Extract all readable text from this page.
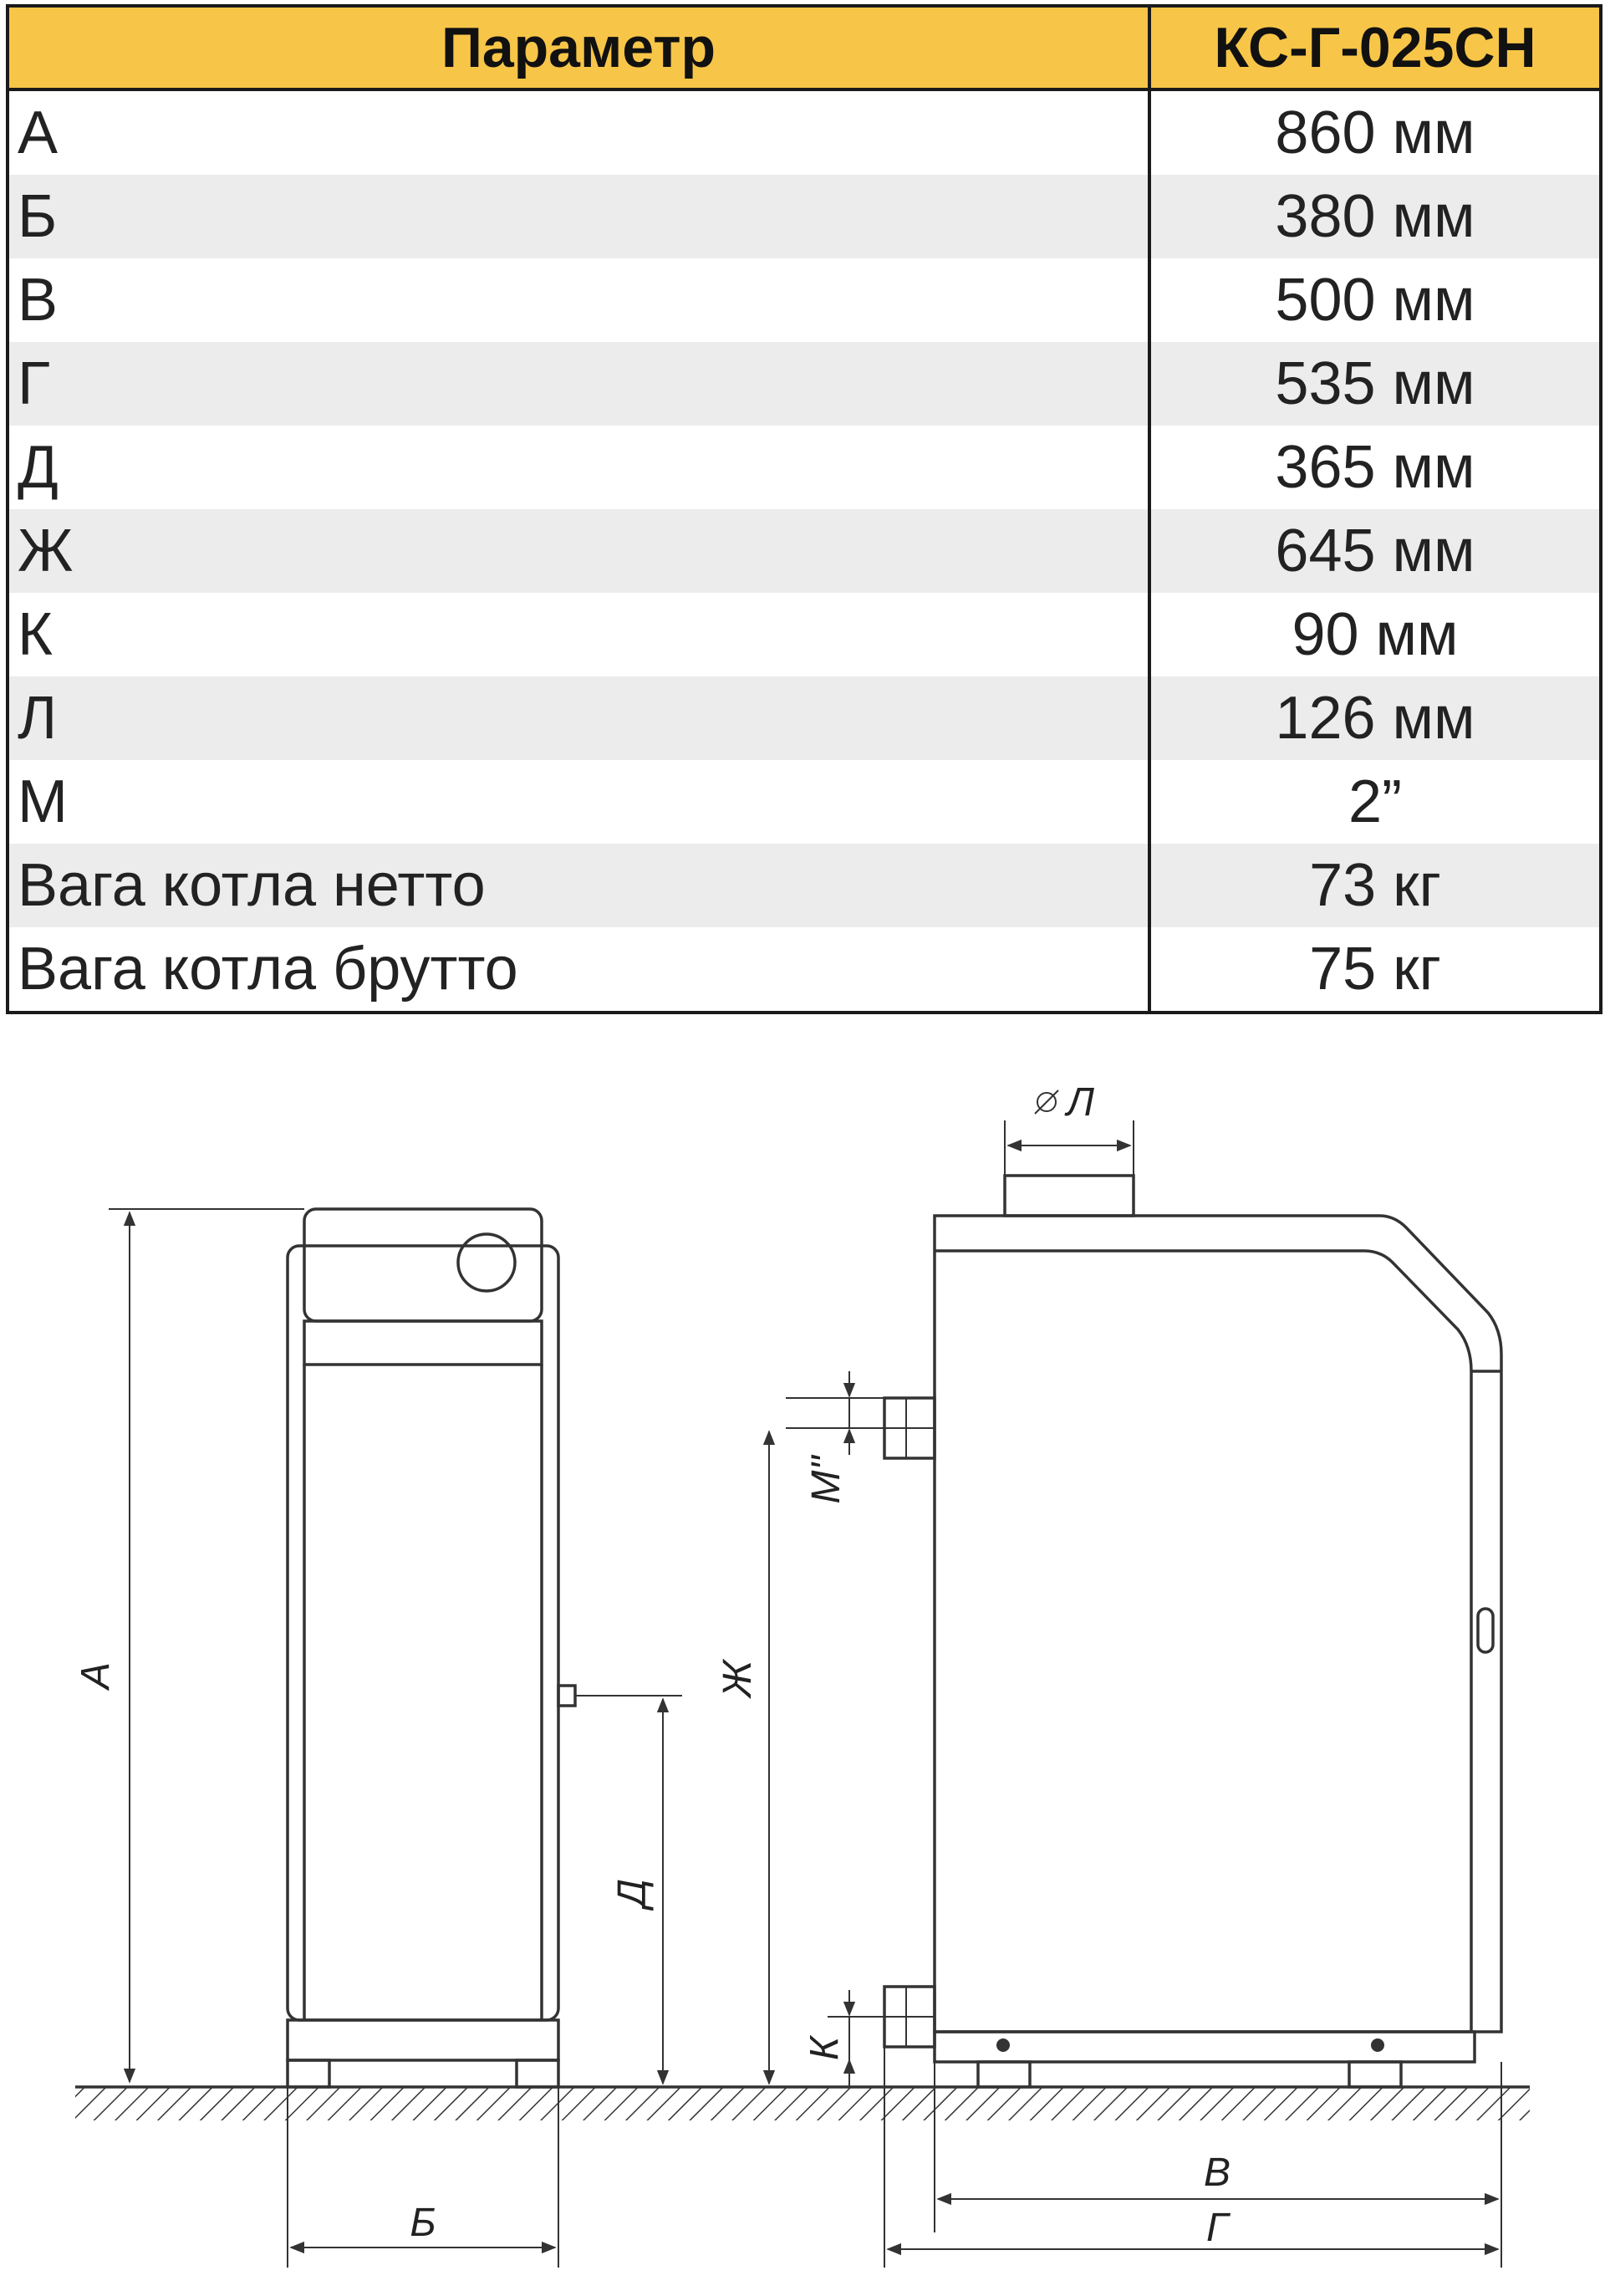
Параметр	КС-Г-025СН
А	860 мм
Б	380 мм
В	500 мм
Г	535 мм
Д	365 мм
Ж	645 мм
К	90 мм
Л	126 мм
М	2”
Вага котла нетто	73 кг
Вага котла брутто	75 кг
А
Б
Д
Л
М"
Ж
К
В
Г
